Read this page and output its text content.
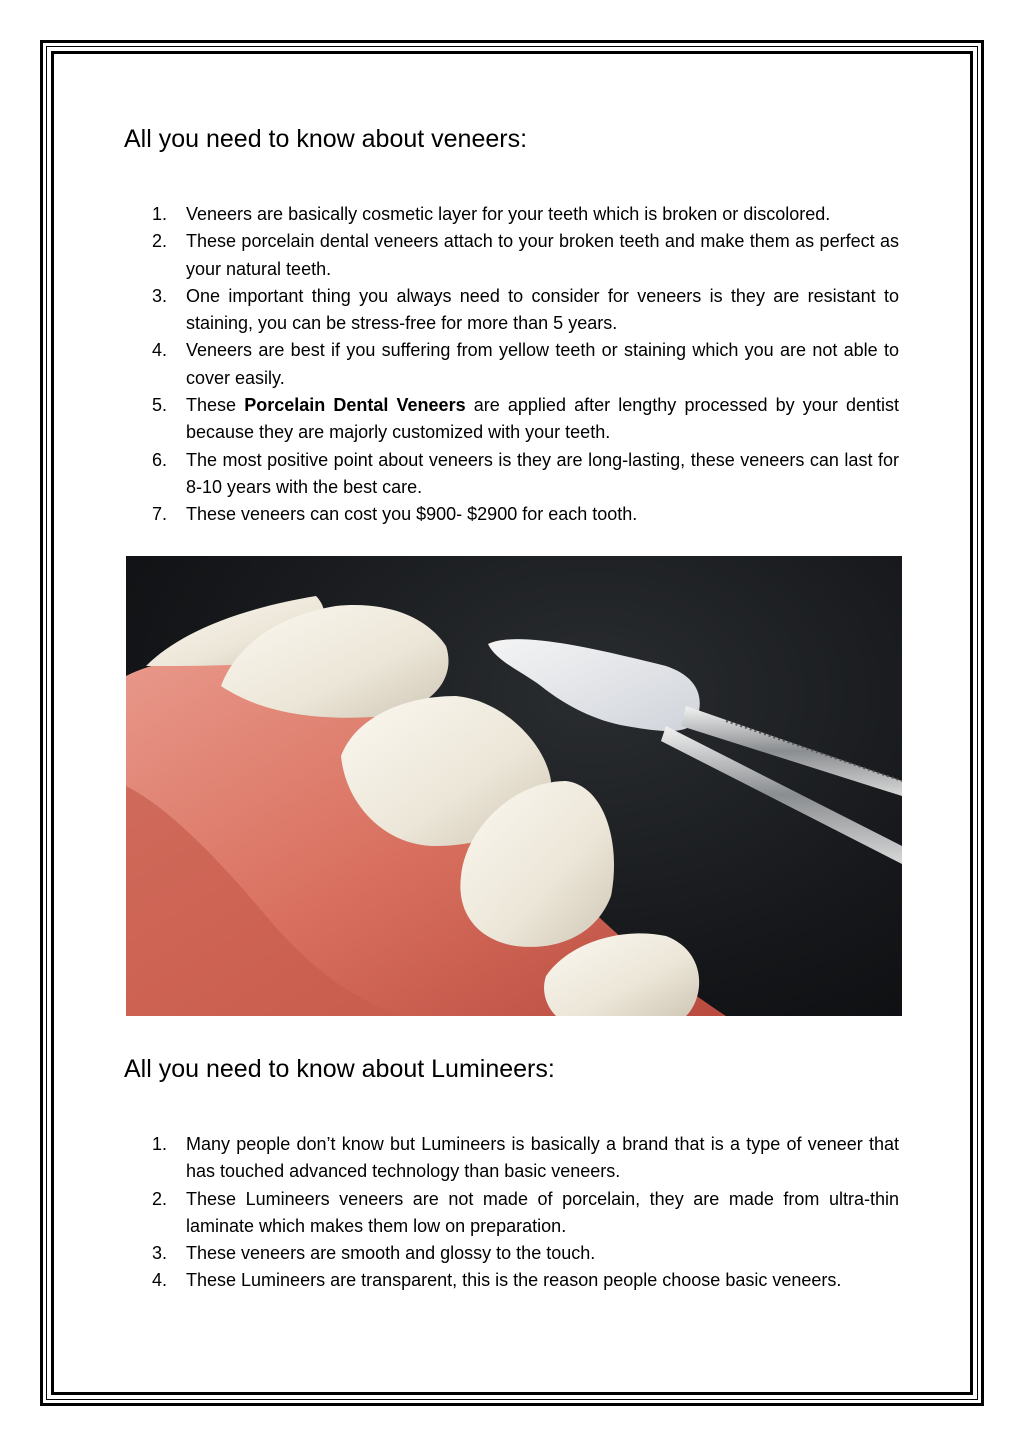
All you need to know about veneers:
1.	Veneers are basically cosmetic layer for your teeth which is broken or discolored.
2.	These porcelain dental veneers attach to your broken teeth and make them as perfect as your natural teeth.
3.	One important thing you always need to consider for veneers is they are resistant to staining, you can be stress-free for more than 5 years.
4.	Veneers are best if you suffering from yellow teeth or staining which you are not able to cover easily.
5.	These Porcelain Dental Veneers are applied after lengthy processed by your dentist because they are majorly customized with your teeth.
6.	The most positive point about veneers is they are long-lasting, these veneers can last for 8-10 years with the best care.
7.	These veneers can cost you $900- $2900 for each tooth.
All you need to know about Lumineers:
1.	Many people don’t know but Lumineers is basically a brand that is a type of veneer that has touched advanced technology than basic veneers.
2.	These Lumineers veneers are not made of porcelain, they are made from ultra-thin laminate which makes them low on preparation.
3.	These veneers are smooth and glossy to the touch.
4.	These Lumineers are transparent, this is the reason people choose basic veneers.
